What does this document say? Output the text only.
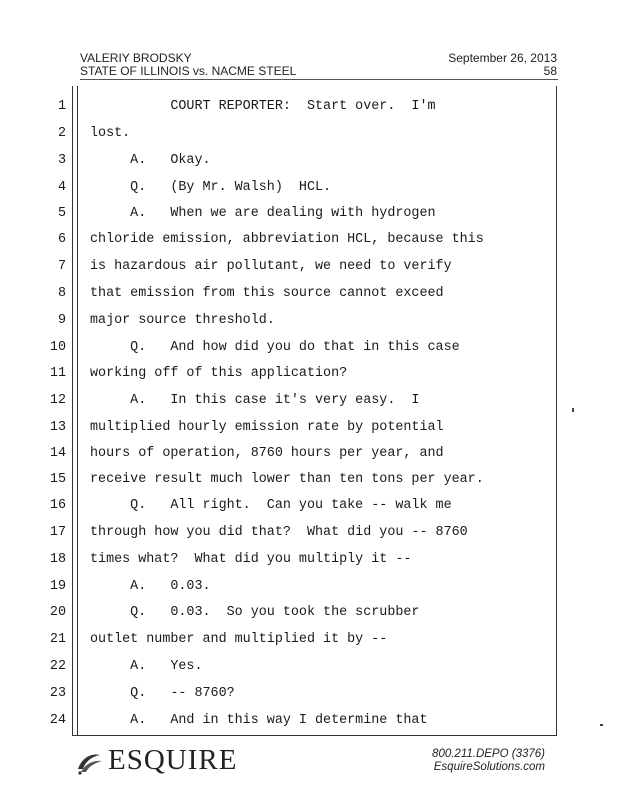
VALERIY BRODSKY
STATE OF ILLINOIS vs. NACME STEEL
September 26, 2013
58
1 COURT REPORTER:  Start over.  I'm
2 lost.
3 A.   Okay.
4 Q.   (By Mr. Walsh)  HCL.
5 A.   When we are dealing with hydrogen
6 chloride emission, abbreviation HCL, because this
7 is hazardous air pollutant, we need to verify
8 that emission from this source cannot exceed
9 major source threshold.
10 Q.   And how did you do that in this case
11 working off of this application?
12 A.   In this case it's very easy.  I
13 multiplied hourly emission rate by potential
14 hours of operation, 8760 hours per year, and
15 receive result much lower than ten tons per year.
16 Q.   All right.  Can you take -- walk me
17 through how you did that?  What did you -- 8760
18 times what?  What did you multiply it --
19 A.   0.03.
20 Q.   0.03.  So you took the scrubber
21 outlet number and multiplied it by --
22 A.   Yes.
23 Q.   -- 8760?
24 A.   And in this way I determine that
ESQUIRE	800.211.DEPO (3376)
EsquireSolutions.com
